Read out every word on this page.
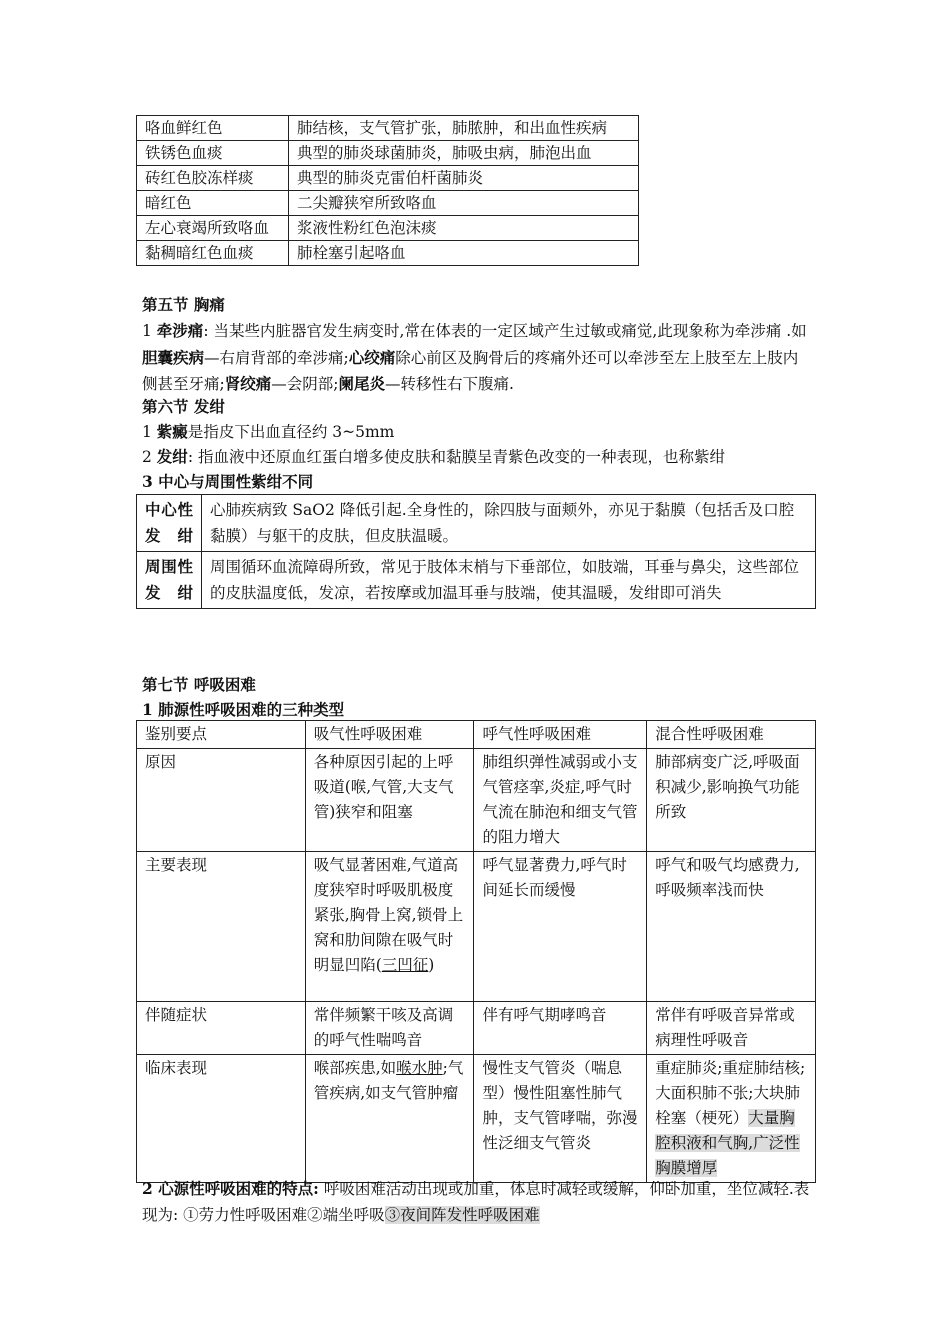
咯血鲜红色	肺结核，支气管扩张，肺脓肿，和出血性疾病
铁锈色血痰	典型的肺炎球菌肺炎，肺吸虫病，肺泡出血
砖红色胶冻样痰	典型的肺炎克雷伯杆菌肺炎
暗红色	二尖瓣狭窄所致咯血
左心衰竭所致咯血	浆液性粉红色泡沫痰
黏稠暗红色血痰	肺栓塞引起咯血
第五节 胸痛
1 牵涉痛: 当某些内脏器官发生病变时,常在体表的一定区域产生过敏或痛觉,此现象称为牵涉痛 .如胆囊疾病—右肩背部的牵涉痛;心绞痛除心前区及胸骨后的疼痛外还可以牵涉至左上肢至左上肢内侧甚至牙痛;肾绞痛—会阴部;阑尾炎—转移性右下腹痛.
第六节 发绀
1 紫癜是指皮下出血直径约 3~5mm
2 发绀: 指血液中还原血红蛋白增多使皮肤和黏膜呈青紫色改变的一种表现，也称紫绀
3 中心与周围性紫绀不同
中心性发绀	心肺疾病致 SaO2 降低引起.全身性的，除四肢与面颊外，亦见于黏膜（包括舌及口腔黏膜）与躯干的皮肤，但皮肤温暖。
周围性发绀	周围循环血流障碍所致，常见于肢体末梢与下垂部位，如肢端，耳垂与鼻尖，这些部位的皮肤温度低，发凉，若按摩或加温耳垂与肢端，使其温暖，发绀即可消失
第七节 呼吸困难
1 肺源性呼吸困难的三种类型
鉴别要点	吸气性呼吸困难	呼气性呼吸困难	混合性呼吸困难
原因	各种原因引起的上呼吸道(喉,气管,大支气管)狭窄和阻塞	肺组织弹性减弱或小支气管痉挛,炎症,呼气时气流在肺泡和细支气管的阻力增大	肺部病变广泛,呼吸面积减少,影响换气功能所致
主要表现	吸气显著困难,气道高度狭窄时呼吸肌极度紧张,胸骨上窝,锁骨上窝和肋间隙在吸气时明显凹陷(三凹征)	呼气显著费力,呼气时间延长而缓慢	呼气和吸气均感费力,呼吸频率浅而快
伴随症状	常伴频繁干咳及高调的呼气性喘鸣音	伴有呼气期哮鸣音	常伴有呼吸音异常或病理性呼吸音
临床表现	喉部疾患,如喉水肿;气管疾病,如支气管肿瘤	慢性支气管炎（喘息型）慢性阻塞性肺气肿，支气管哮喘，弥漫性泛细支气管炎	重症肺炎;重症肺结核;大面积肺不张;大块肺栓塞（梗死）大量胸腔积液和气胸,广泛性胸膜增厚
2 心源性呼吸困难的特点: 呼吸困难活动出现或加重，体息时减轻或缓解，仰卧加重，坐位减轻.表现为: ①劳力性呼吸困难②端坐呼吸③夜间阵发性呼吸困难
